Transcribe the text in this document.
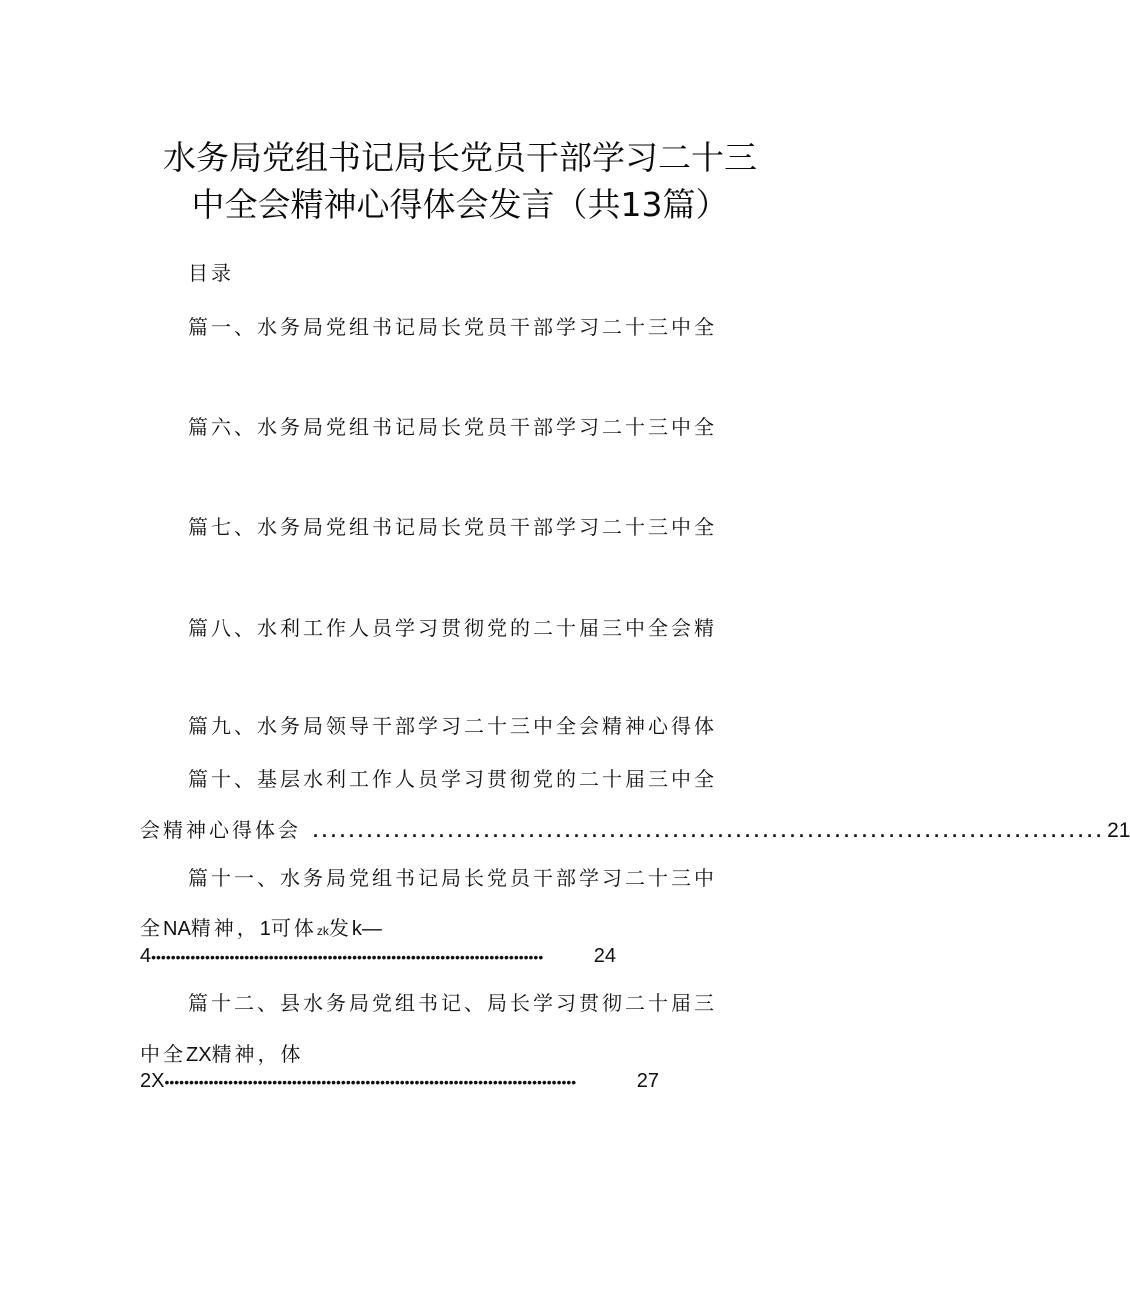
水务局党组书记局长党员干部学习二十三
中全会精神心得体会发言（共13篇）
目录
篇一、水务局党组书记局长党员干部学习二十三中全
篇六、水务局党组书记局长党员干部学习二十三中全
篇七、水务局党组书记局长党员干部学习二十三中全
篇八、水利工作人员学习贯彻党的二十届三中全会精
篇九、水务局领导干部学习二十三中全会精神心得体
篇十、基层水利工作人员学习贯彻党的二十届三中全
会精神心得体会 ........................................................................................ 21
篇十一、水务局党组书记局长党员干部学习二十三中
全NA精神，1可体zk发k—
4 ••••••••••••••••••••••••••••••••••••••••••••••••••••••••••••••••••••••••••••••••	24
篇十二、县水务局党组书记、局长学习贯彻二十届三
中全ZX精神，体
2X ••••••••••••••••••••••••••••••••••••••••••••••••••••••••••••••••••••••••••••••••••••	27
